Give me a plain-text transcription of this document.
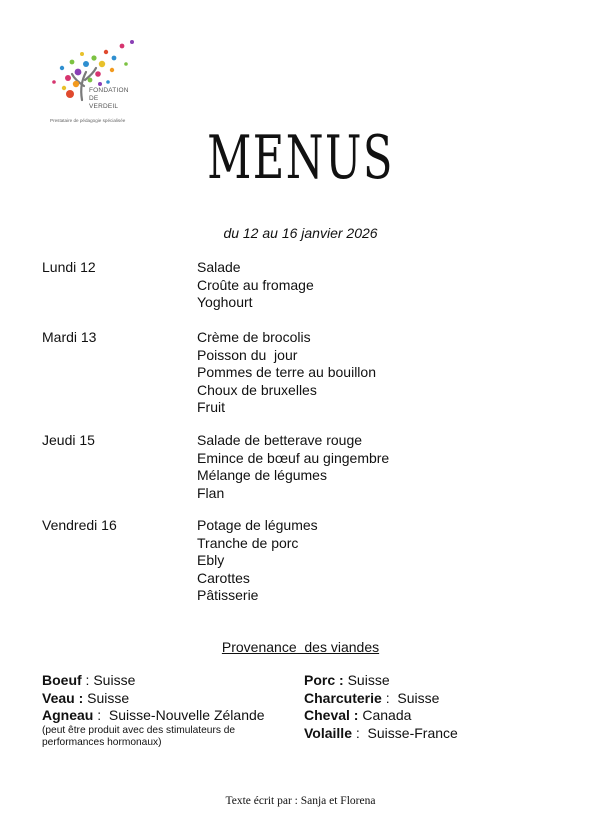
FONDATION
DE
VERDEIL
Prestataire de pédagogie spécialisée
MENUS
du 12 au 16 janvier 2026
Lundi 12	Salade
Croûte au fromage
Yoghourt
Mardi 13	Crème de brocolis
Poisson du  jour
Pommes de terre au bouillon
Choux de bruxelles
Fruit
Jeudi 15	Salade de betterave rouge
Emince de bœuf au gingembre
Mélange de légumes
Flan
Vendredi 16	Potage de légumes
Tranche de porc
Ebly
Carottes
Pâtisserie
Provenance  des viandes
Boeuf : Suisse
Veau : Suisse
Agneau :  Suisse-Nouvelle Zélande
(peut être produit avec des stimulateurs de
performances hormonaux)
Porc : Suisse
Charcuterie :  Suisse
Cheval : Canada
Volaille :  Suisse-France
Texte écrit par : Sanja et Florena
